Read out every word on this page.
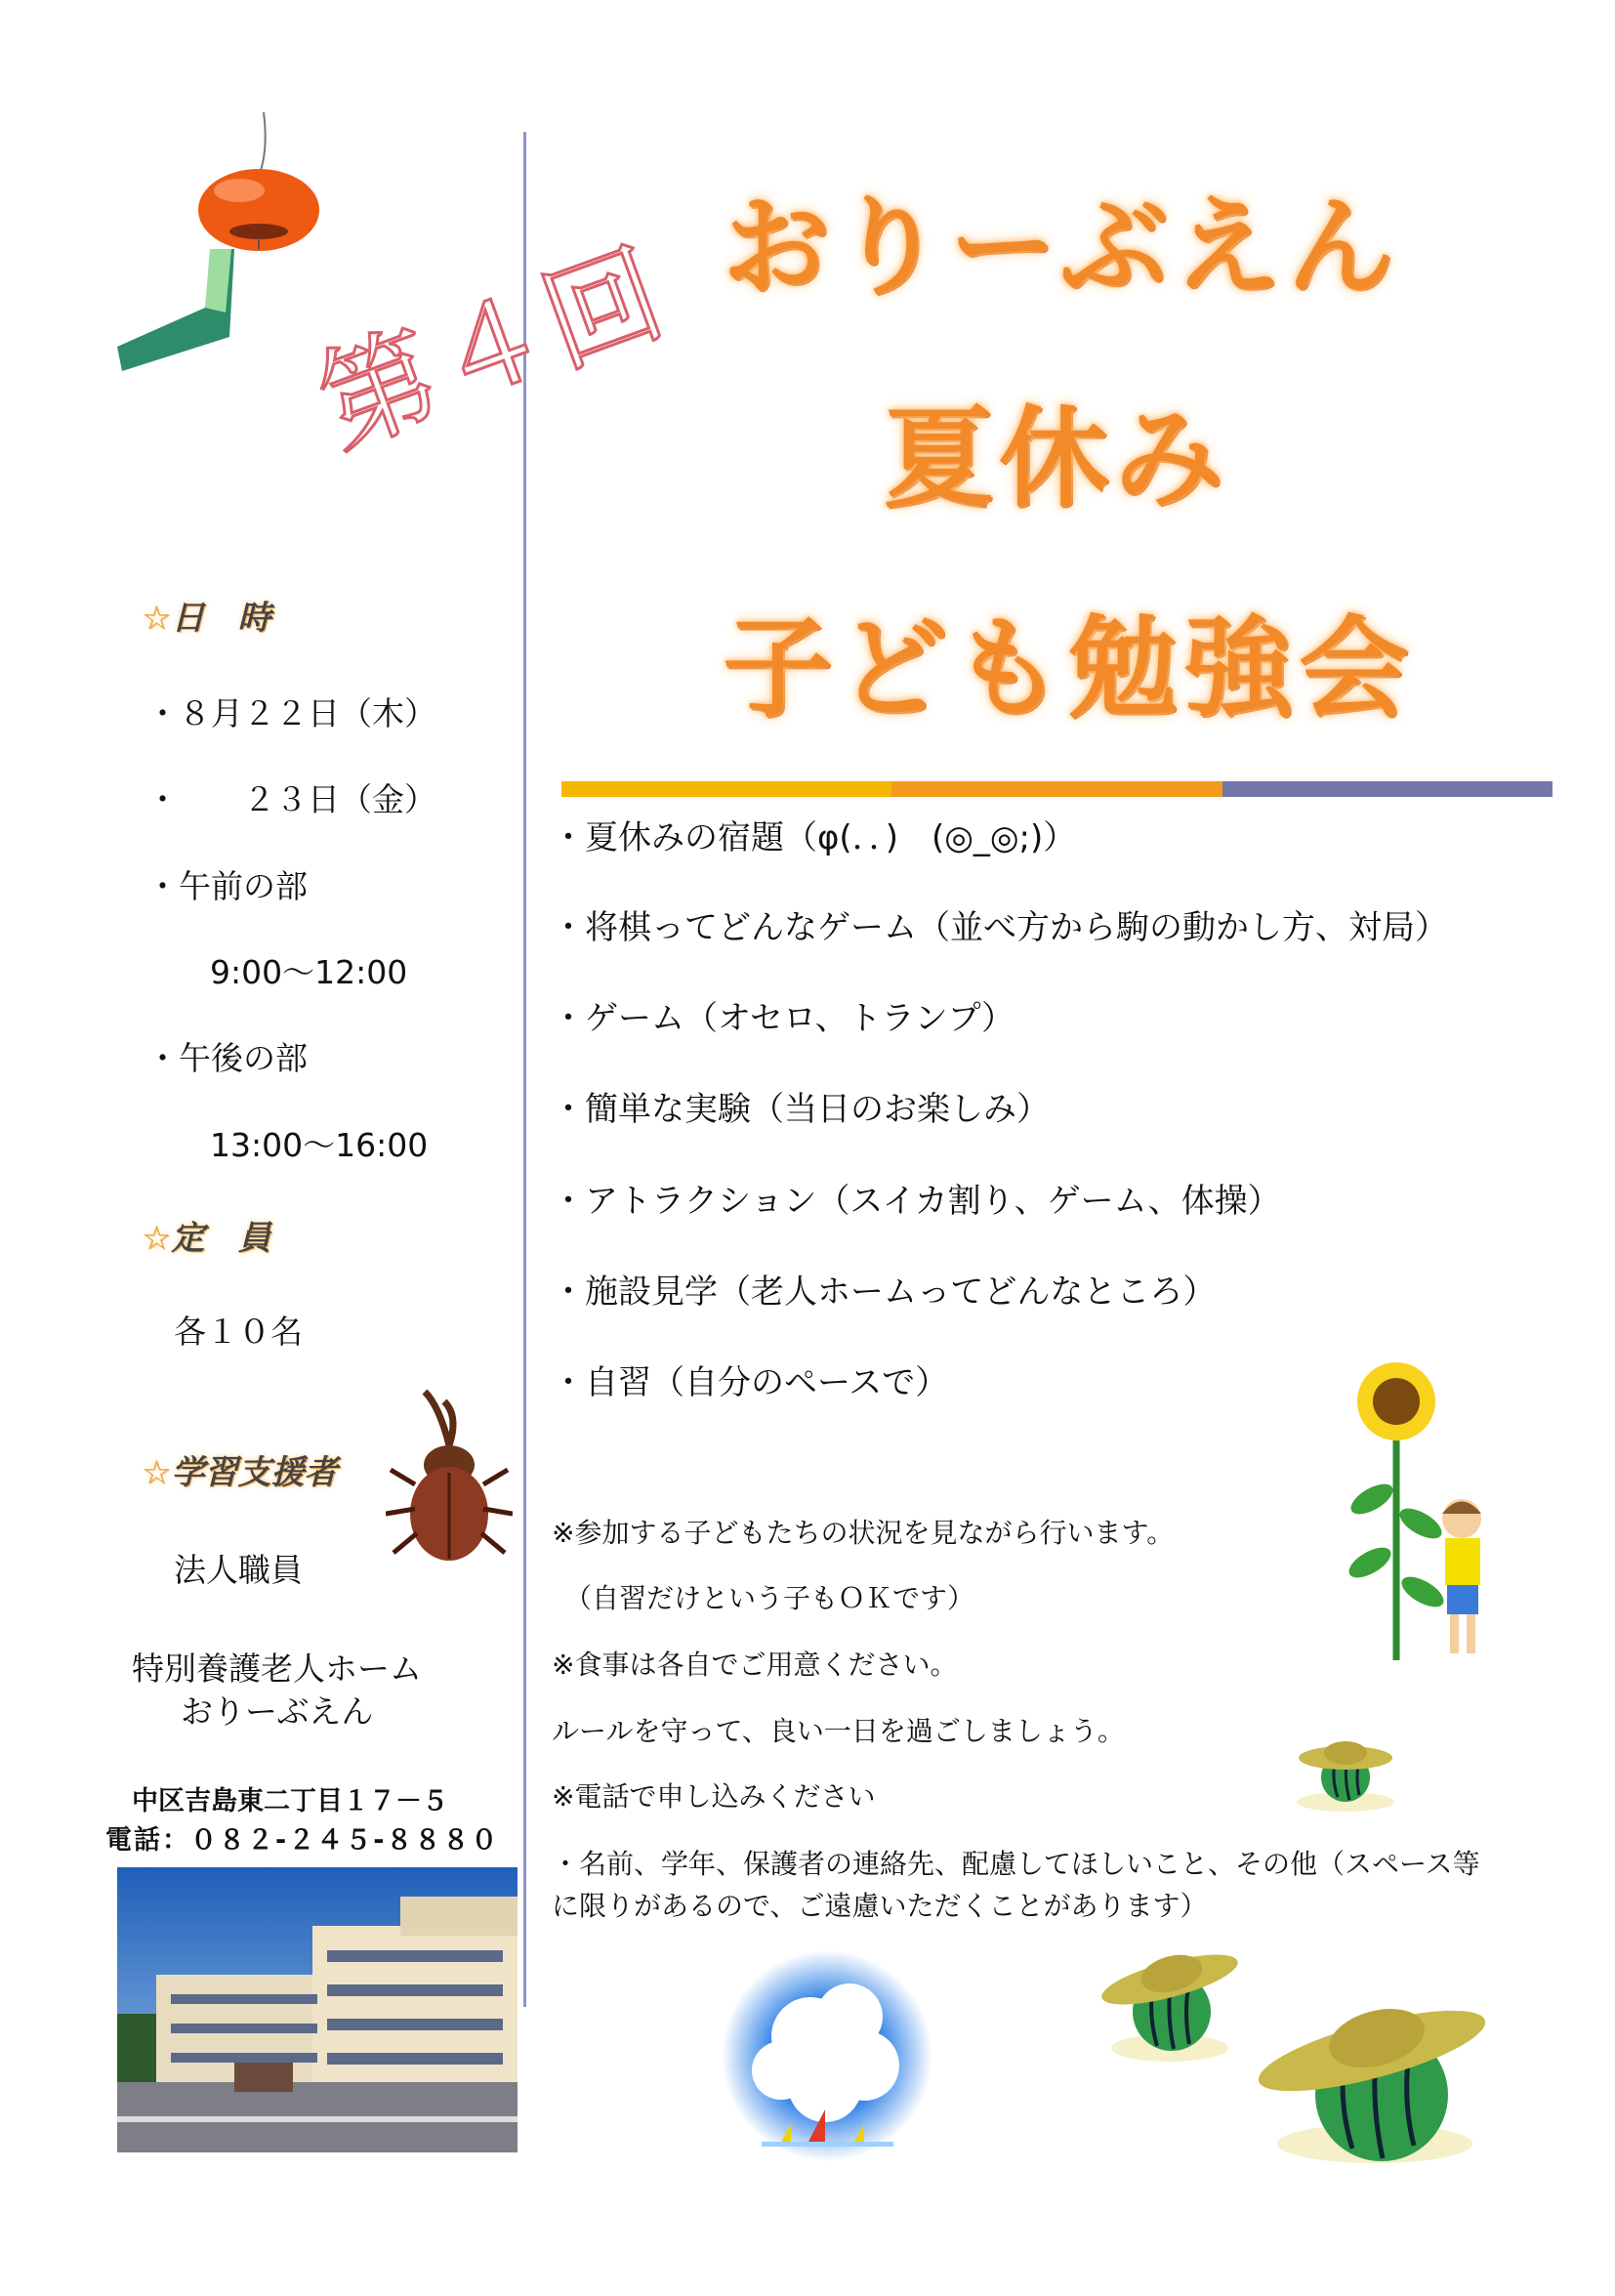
第４回 おりーぶえん
夏休み
子ども勉強会
☆日　時
・８月２２日（木）
・　　２３日（金）
・午前の部
9:00～12:00
・午後の部
13:00～16:00
☆定　員
各１０名
☆学習支援者
法人職員
特別養護老人ホーム
おりーぶえん
中区吉島東二丁目１７－５
電話：０８２-２４５-８８８０
・夏休みの宿題（φ(．．)　(◎_◎;)）
・将棋ってどんなゲーム（並べ方から駒の動かし方、対局）
・ゲーム（オセロ、トランプ）
・簡単な実験（当日のお楽しみ）
・アトラクション（スイカ割り、ゲーム、体操）
・施設見学（老人ホームってどんなところ）
・自習（自分のペースで）
※参加する子どもたちの状況を見ながら行います。
（自習だけという子もＯＫです）
※食事は各自でご用意ください。
ルールを守って、良い一日を過ごしましょう。
※電話で申し込みください
・名前、学年、保護者の連絡先、配慮してほしいこと、その他（スペース等
に限りがあるので、ご遠慮いただくことがあります）
